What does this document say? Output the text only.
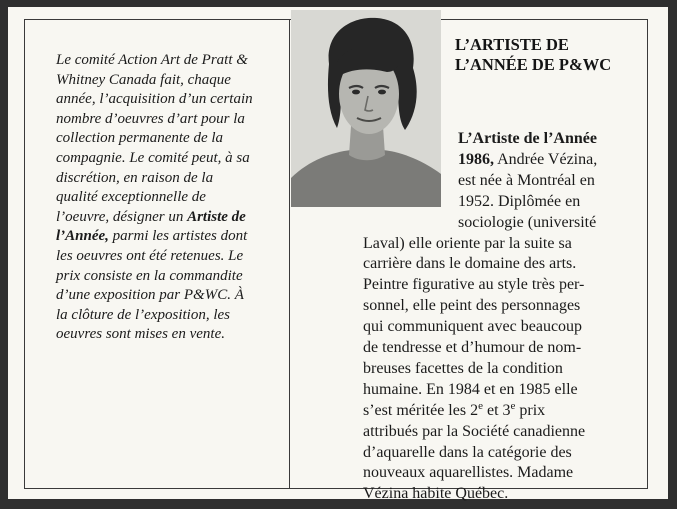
Le comité Action Art de Pratt & Whitney Canada fait, chaque année, l’acquisition d’un certain nombre d’oeuvres d’art pour la collection permanente de la compagnie. Le comité peut, à sa discrétion, en raison de la qualité exceptionnelle de l’oeuvre, désigner un Artiste de l’Année, parmi les artistes dont les oeuvres ont été retenues. Le prix consiste en la commandite d’une exposition par P&WC. À la clôture de l’exposition, les oeuvres sont mises en vente.

L’ARTISTE DE
L’ANNÉE DE P&WC

L’Artiste de l’Année
1986, Andrée Vézina,
est née à Montréal en
1952. Diplômée en
sociologie (université
Laval) elle oriente par la suite sa
carrière dans le domaine des arts.
Peintre figurative au style très per-
sonnel, elle peint des personnages
qui communiquent avec beaucoup
de tendresse et d’humour de nom-
breuses facettes de la condition
humaine. En 1984 et en 1985 elle
s’est méritée les 2e et 3e prix
attribués par la Société canadienne
d’aquarelle dans la catégorie des
nouveaux aquarellistes. Madame
Vézina habite Québec.
